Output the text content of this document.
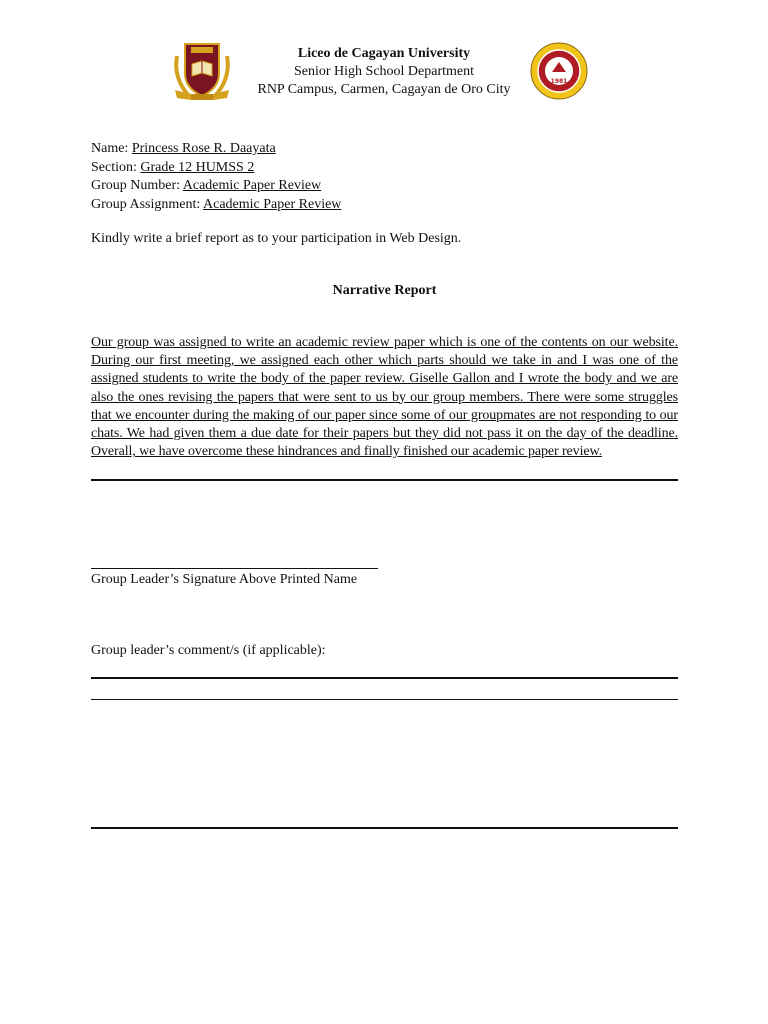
Liceo de Cagayan University
Senior High School Department
RNP Campus, Carmen, Cagayan de Oro City
1981
Name: Princess Rose R. Daayata
Section: Grade 12 HUMSS 2
Group Number: Academic Paper Review
Group Assignment: Academic Paper Review
Kindly write a brief report as to your participation in Web Design.
Narrative Report
Our group was assigned to write an academic review paper which is one of the contents on our website. During our first meeting, we assigned each other which parts should we take in and I was one of the assigned students to write the body of the paper review. Giselle Gallon and I wrote the body and we are also the ones revising the papers that were sent to us by our group members. There were some struggles that we encounter during the making of our paper since some of our groupmates are not responding to our chats. We had given them a due date for their papers but they did not pass it on the day of the deadline. Overall, we have overcome these hindrances and finally finished our academic paper review.
Group Leader’s Signature Above Printed Name
Group leader’s comment/s (if applicable):
